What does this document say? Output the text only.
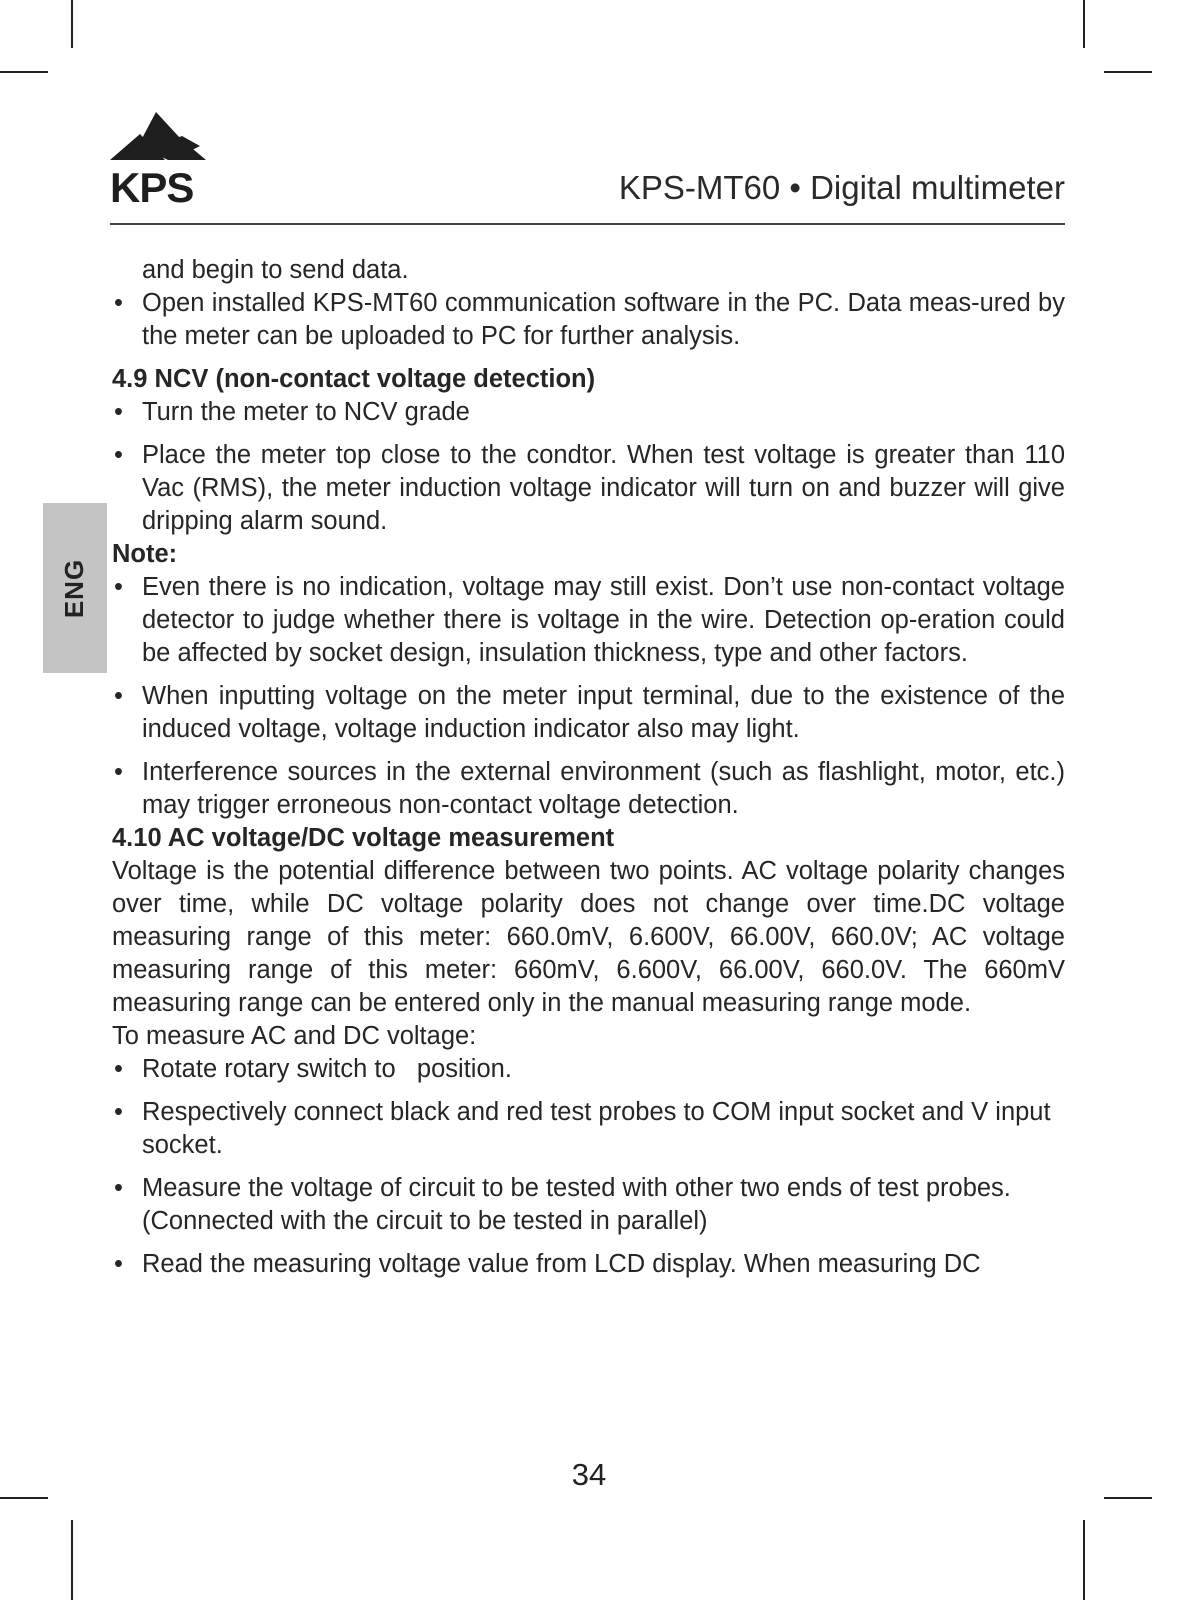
KPS	KPS-MT60 • Digital multimeter
ENG

and begin to send data.

• Open installed KPS-MT60 communication software in the PC. Data meas-ured by the meter can be uploaded to PC for further analysis.

4.9 NCV (non-contact voltage detection)

• Turn the meter to NCV grade
• Place the meter top close to the condtor. When test voltage is greater than 110 Vac (RMS), the meter induction voltage indicator will turn on and buzzer will give dripping alarm sound.

Note:

• Even there is no indication, voltage may still exist. Don’t use non-contact voltage detector to judge whether there is voltage in the wire. Detection op-eration could be affected by socket design, insulation thickness, type and other factors.
• When inputting voltage on the meter input terminal, due to the existence of the induced voltage, voltage induction indicator also may light.
• Interference sources in the external environment (such as flashlight, motor, etc.) may trigger erroneous non-contact voltage detection.

4.10 AC voltage/DC voltage measurement

Voltage is the potential difference between two points. AC voltage polarity changes over time, while DC voltage polarity does not change over time.DC voltage measuring range of this meter: 660.0mV, 6.600V, 66.00V, 660.0V; AC voltage measuring range of this meter: 660mV, 6.600V, 66.00V, 660.0V. The 660mV measuring range can be entered only in the manual measuring range mode.

To measure AC and DC voltage:

• Rotate rotary switch to   position.
• Respectively connect black and red test probes to COM input socket and V input socket.
• Measure the voltage of circuit to be tested with other two ends of test probes. (Connected with the circuit to be tested in parallel)
• Read the measuring voltage value from LCD display. When measuring DC
34
